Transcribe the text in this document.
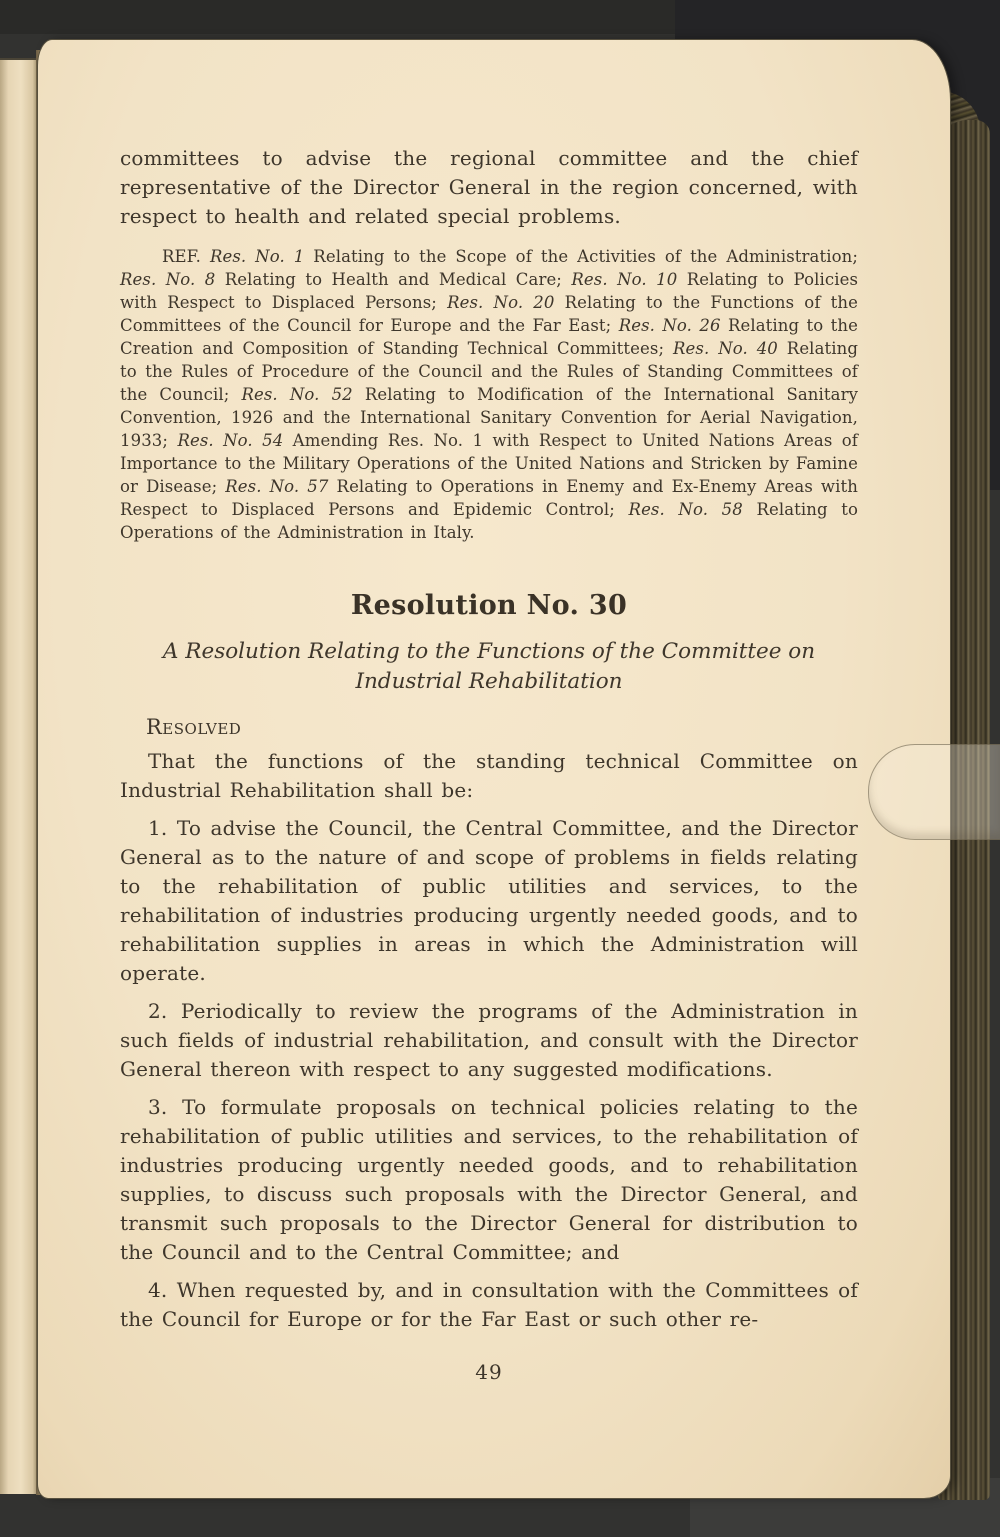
committees to advise the regional committee and the chief representative of the Director General in the region concerned, with respect to health and related special problems.

REF. Res. No. 1 Relating to the Scope of the Activities of the Administration; Res. No. 8 Relating to Health and Medical Care; Res. No. 10 Relating to Policies with Respect to Displaced Persons; Res. No. 20 Relating to the Functions of the Committees of the Council for Europe and the Far East; Res. No. 26 Relating to the Creation and Composition of Standing Technical Committees; Res. No. 40 Relating to the Rules of Procedure of the Council and the Rules of Standing Committees of the Council; Res. No. 52 Relating to Modification of the International Sanitary Convention, 1926 and the International Sanitary Convention for Aerial Navigation, 1933; Res. No. 54 Amending Res. No. 1 with Respect to United Nations Areas of Importance to the Military Operations of the United Nations and Stricken by Famine or Disease; Res. No. 57 Relating to Operations in Enemy and Ex-Enemy Areas with Respect to Displaced Persons and Epidemic Control; Res. No. 58 Relating to Operations of the Administration in Italy.

Resolution No. 30
A Resolution Relating to the Functions of the Committee on Industrial Rehabilitation

Resolved

That the functions of the standing technical Committee on Industrial Rehabilitation shall be:

1. To advise the Council, the Central Committee, and the Director General as to the nature of and scope of problems in fields relating to the rehabilitation of public utilities and services, to the rehabilitation of industries producing urgently needed goods, and to rehabilitation supplies in areas in which the Administration will operate.

2. Periodically to review the programs of the Administration in such fields of industrial rehabilitation, and consult with the Director General thereon with respect to any suggested modifications.

3. To formulate proposals on technical policies relating to the rehabilitation of public utilities and services, to the rehabilitation of industries producing urgently needed goods, and to rehabilitation supplies, to discuss such proposals with the Director General, and transmit such proposals to the Director General for distribution to the Council and to the Central Committee; and

4. When requested by, and in consultation with the Committees of the Council for Europe or for the Far East or such other re-

49
